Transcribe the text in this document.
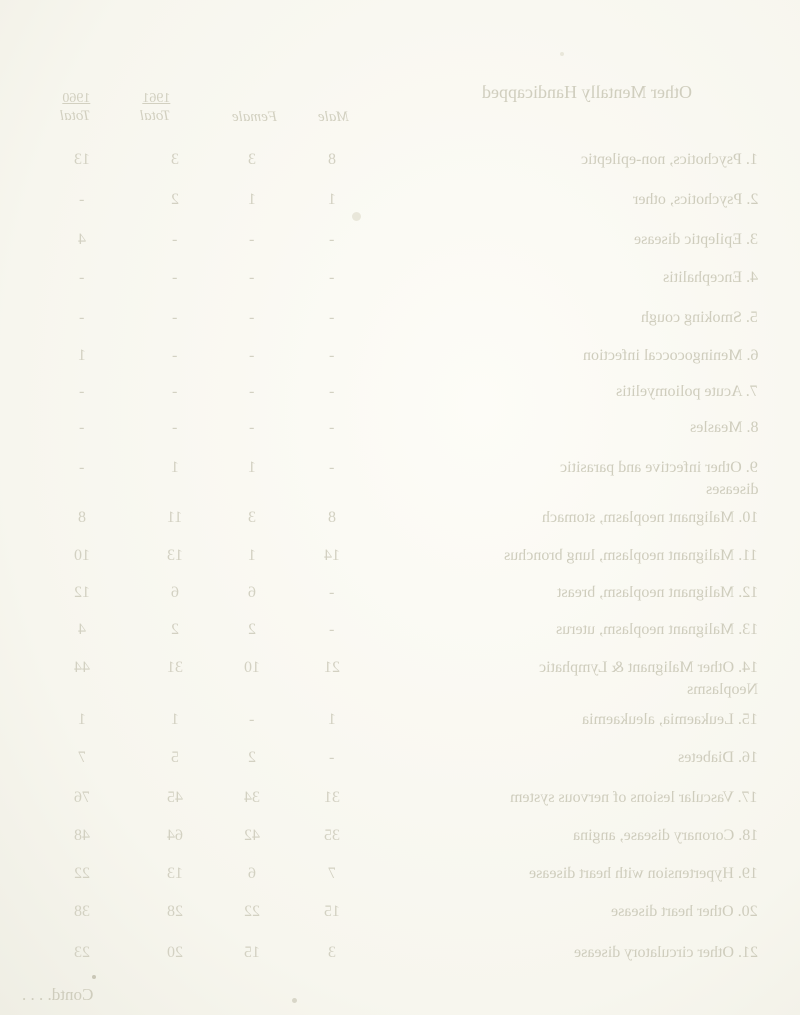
Other Mentally Handicapped
Male
Female
1961
Total
1960
Total
1. Psychotics, non-epileptic
8
3
3
13
2. Psychotics, other
1
1
2
-
3. Epileptic disease
-
-
-
4
4. Encephalitis
-
-
-
-
5. Smoking cough
-
-
-
-
6. Meningococcal infection
-
-
-
1
7. Acute poliomyelitis
-
-
-
-
8. Measles
-
-
-
-
9. Other infective and parasitic
diseases
-
1
1
-
10. Malignant neoplasm, stomach
8
3
11
8
11. Malignant neoplasm, lung bronchus
14
1
13
10
12. Malignant neoplasm, breast
-
6
6
12
13. Malignant neoplasm, uterus
-
2
2
4
14. Other Malignant & Lymphatic
Neoplasms
21
10
31
44
15. Leukaemia, aleukaemia
1
-
1
1
16. Diabetes
-
2
5
7
17. Vascular lesions of nervous system
31
34
45
76
18. Coronary disease, angina
35
42
64
48
19. Hypertension with heart disease
7
6
13
22
20. Other heart disease
15
22
28
38
21. Other circulatory disease
3
15
20
23
Contd. . . .
